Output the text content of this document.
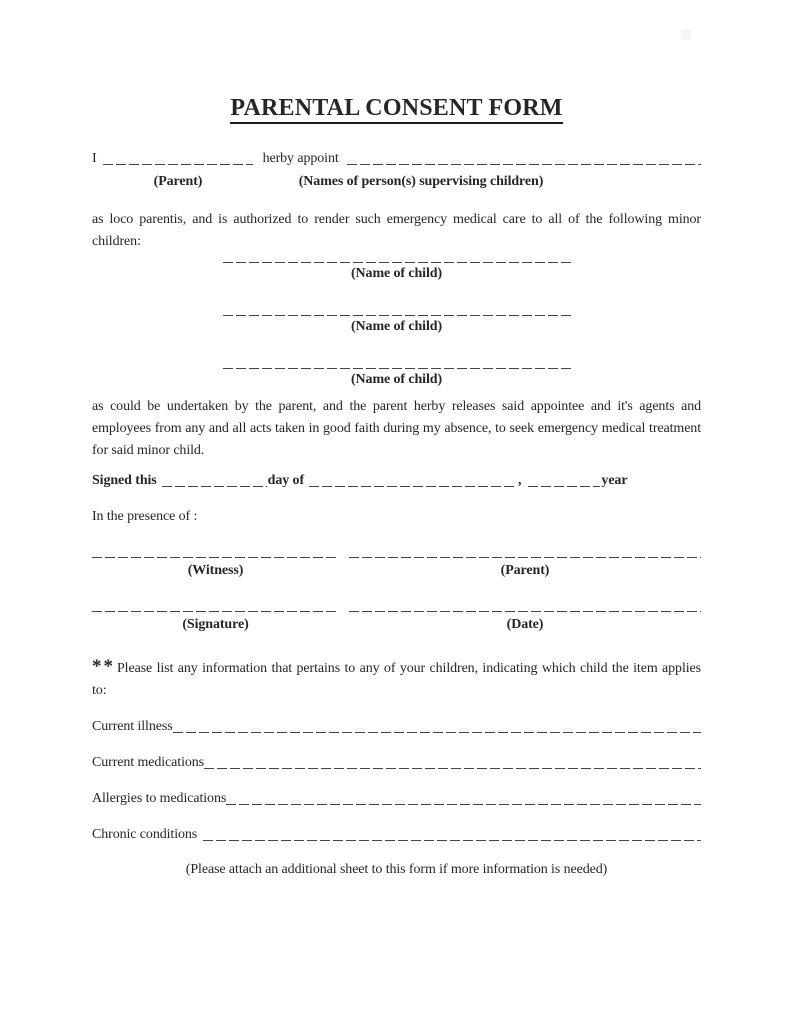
PARENTAL CONSENT FORM
I	herby appoint
(Parent)	(Names of person(s) supervising children)

as loco parentis, and is authorized to render such emergency medical care to all of the following minor children:

(Name of child)
(Name of child)
(Name of child)

as could be undertaken by the parent, and the parent herby releases said appointee and it's agents and employees from any and all acts taken in good faith during my absence, to seek emergency medical treatment for said minor child.

Signed this	day of	,	year

In the presence of :

(Witness)	(Parent)
(Signature)	(Date)

** Please list any information that pertains to any of your children, indicating which child the item applies to:

Current illness
Current medications
Allergies to medications
Chronic conditions

(Please attach an additional sheet to this form if more information is needed)
